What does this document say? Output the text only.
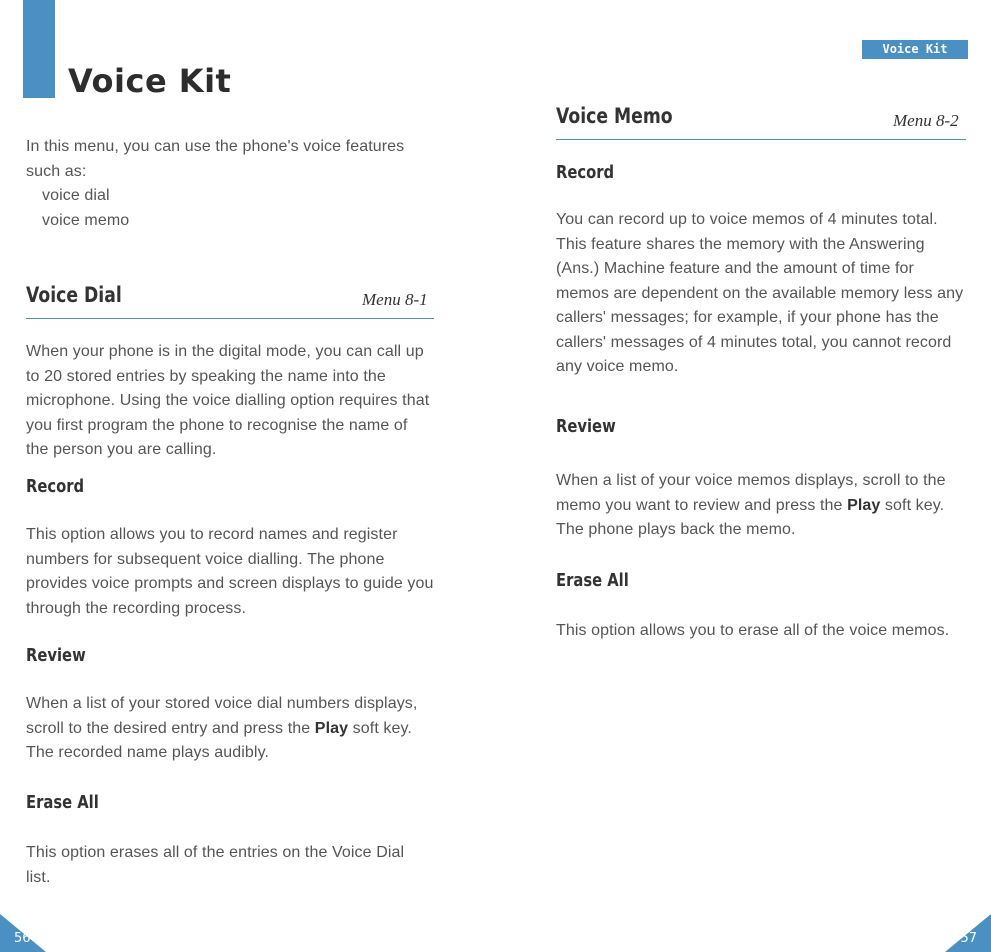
Voice Kit
In this menu, you can use the phone's voice features
such as:
voice dial
voice memo
Voice Dial	Menu 8-1
When your phone is in the digital mode, you can call up
to 20 stored entries by speaking the name into the
microphone. Using the voice dialling option requires that
you first program the phone to recognise the name of
the person you are calling.
Record
This option allows you to record names and register
numbers for subsequent voice dialling. The phone
provides voice prompts and screen displays to guide you
through the recording process.
Review
When a list of your stored voice dial numbers displays,
scroll to the desired entry and press the Play soft key.
The recorded name plays audibly.
Erase All
This option erases all of the entries on the Voice Dial
list.
56
Voice Kit
Voice Memo	Menu 8-2
Record
You can record up to voice memos of 4 minutes total.
This feature shares the memory with the Answering
(Ans.) Machine feature and the amount of time for
memos are dependent on the available memory less any
callers' messages; for example, if your phone has the
callers' messages of 4 minutes total, you cannot record
any voice memo.
Review
When a list of your voice memos displays, scroll to the
memo you want to review and press the Play soft key.
The phone plays back the memo.
Erase All
This option allows you to erase all of the voice memos.
57
